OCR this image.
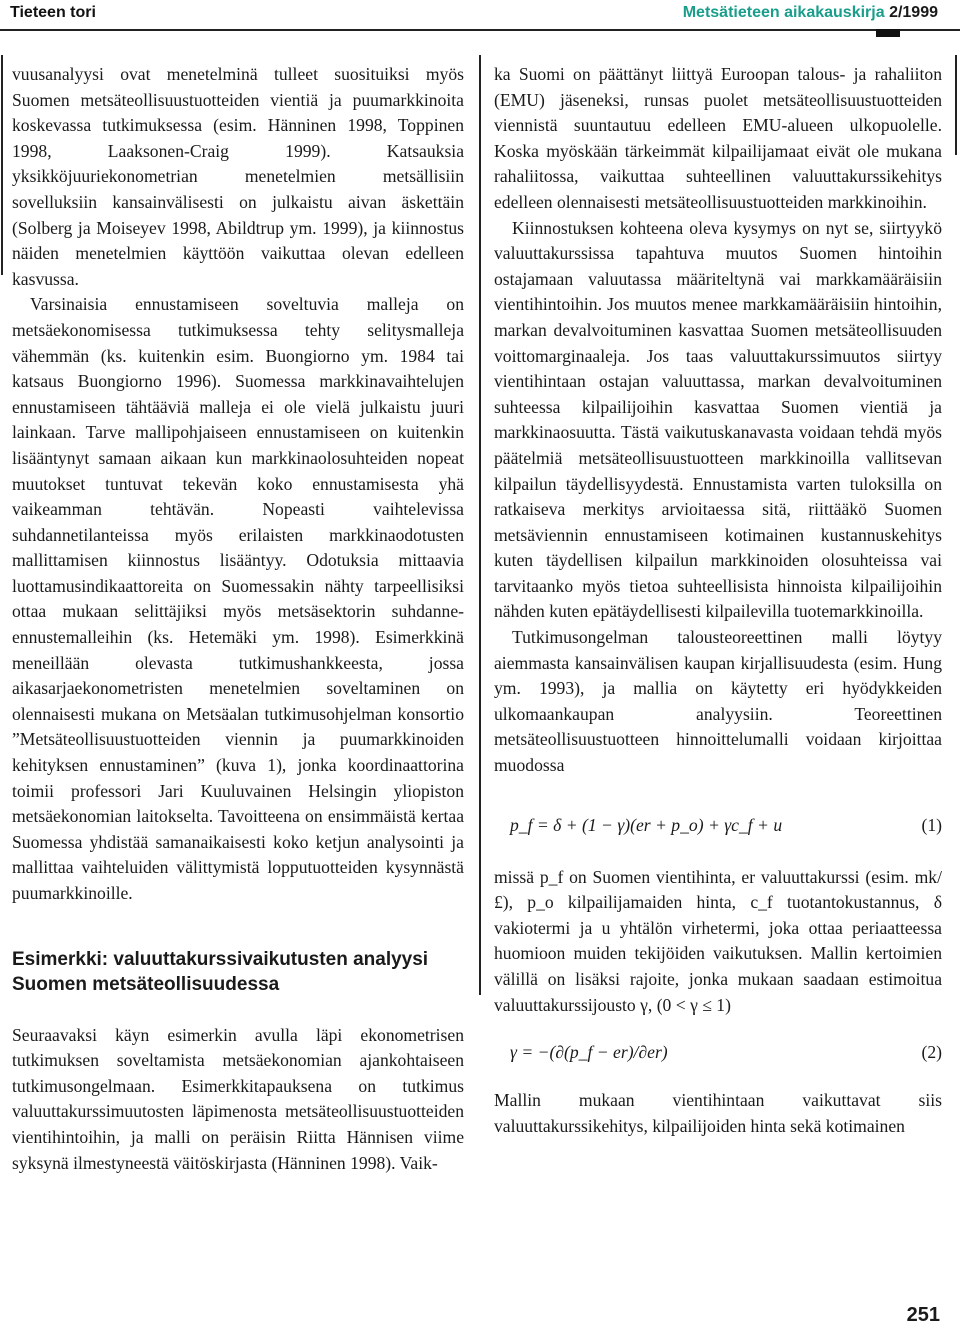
Tieteen tori	Metsätieteen aikakauskirja 2/1999

vuusanalyysi ovat menetelminä tulleet suosituiksi myös Suomen metsäteollisuustuotteiden vientiä ja puumarkkinoita koskevassa tutkimuksessa (esim. Hänninen 1998, Toppinen 1998, Laaksonen-Craig 1999). Katsauksia yksikköjuuriekonometrian menetelmien metsällisiin sovelluksiin kansainvälisesti on julkaistu aivan äskettäin (Solberg ja Moiseyev 1998, Abildtrup ym. 1999), ja kiinnostus näiden menetelmien käyttöön vaikuttaa olevan edelleen kasvussa.

Varsinaisia ennustamiseen soveltuvia malleja on metsäekonomisessa tutkimuksessa tehty selitysmalleja vähemmän (ks. kuitenkin esim. Buongiorno ym. 1984 tai katsaus Buongiorno 1996). Suomessa markkinavaihtelujen ennustamiseen tähtääviä malleja ei ole vielä julkaistu juuri lainkaan. Tarve mallipohjaiseen ennustamiseen on kuitenkin lisääntynyt samaan aikaan kun markkinaolosuhteiden nopeat muutokset tuntuvat tekevän koko ennustamisesta yhä vaikeamman tehtävän. Nopeasti vaihtelevissa suhdannetilanteissa myös erilaisten markkinaodotusten mallittamisen kiinnostus lisääntyy. Odotuksia mittaavia luottamusindikaattoreita on Suomessakin nähty tarpeellisiksi ottaa mukaan selittäjiksi myös metsäsektorin suhdanne-ennustemalleihin (ks. Hetemäki ym. 1998). Esimerkkinä meneillään olevasta tutkimushankkeesta, jossa aikasarjaekonometristen menetelmien soveltaminen on olennaisesti mukana on Metsäalan tutkimusohjelman konsortio ”Metsäteollisuustuotteiden viennin ja puumarkkinoiden kehityksen ennustaminen” (kuva 1), jonka koordinaattorina toimii professori Jari Kuuluvainen Helsingin yliopiston metsäekonomian laitokselta. Tavoitteena on ensimmäistä kertaa Suomessa yhdistää samanaikaisesti koko ketjun analysointi ja mallittaa vaihteluiden välittymistä lopputuotteiden kysynnästä puumarkkinoille.

Esimerkki: valuuttakurssivaikutusten analyysi Suomen metsäteollisuudessa

Seuraavaksi käyn esimerkin avulla läpi ekonometrisen tutkimuksen soveltamista metsäekonomian ajankohtaiseen tutkimusongelmaan. Esimerkkitapauksena on tutkimus valuuttakurssimuutosten läpimenosta metsäteollisuustuotteiden vientihintoihin, ja malli on peräisin Riitta Hännisen viime syksynä ilmestyneestä väitöskirjasta (Hänninen 1998). Vaik-

ka Suomi on päättänyt liittyä Euroopan talous- ja rahaliiton (EMU) jäseneksi, runsas puolet metsäteollisuustuotteiden viennistä suuntautuu edelleen EMU-alueen ulkopuolelle. Koska myöskään tärkeimmät kilpailijamaat eivät ole mukana rahaliitossa, vaikuttaa suhteellinen valuuttakurssikehitys edelleen olennaisesti metsäteollisuustuotteiden markkinoihin.

Kiinnostuksen kohteena oleva kysymys on nyt se, siirtyykö valuuttakurssissa tapahtuva muutos Suomen hintoihin ostajamaan valuutassa määriteltynä vai markkamääräisiin vientihintoihin. Jos muutos menee markkamääräisiin hintoihin, markan devalvoituminen kasvattaa Suomen metsäteollisuuden voittomarginaaleja. Jos taas valuuttakurssimuutos siirtyy vientihintaan ostajan valuuttassa, markan devalvoituminen suhteessa kilpailijoihin kasvattaa Suomen vientiä ja markkinaosuutta. Tästä vaikutuskanavasta voidaan tehdä myös päätelmiä metsäteollisuustuotteen markkinoilla vallitsevan kilpailun täydellisyydestä. Ennustamista varten tuloksilla on ratkaiseva merkitys arvioitaessa sitä, riittääkö Suomen metsäviennin ennustamiseen kotimainen kustannuskehitys kuten täydellisen kilpailun markkinoiden olosuhteissa vai tarvitaanko myös tietoa suhteellisista hinnoista kilpailijoihin nähden kuten epätäydellisesti kilpailevilla tuotemarkkinoilla.

Tutkimusongelman talousteoreettinen malli löytyy aiemmasta kansainvälisen kaupan kirjallisuudesta (esim. Hung ym. 1993), ja mallia on käytetty eri hyödykkeiden ulkomaankaupan analyysiin. Teoreettinen metsäteollisuustuotteen hinnoittelumalli voidaan kirjoittaa muodossa

p_f = δ + (1 − γ)(er + p_o) + γc_f + u	(1)

missä p_f on Suomen vientihinta, er valuuttakurssi (esim. mk/£), p_o kilpailijamaiden hinta, c_f tuotantokustannus, δ vakiotermi ja u yhtälön virhetermi, joka ottaa periaatteessa huomioon muiden tekijöiden vaikutuksen. Mallin kertoimien välillä on lisäksi rajoite, jonka mukaan saadaan estimoitua valuuttakurssijousto γ, (0 < γ ≤ 1)

γ = −(∂(p_f − er)/∂er)	(2)

Mallin mukaan vientihintaan vaikuttavat siis valuuttakurssikehitys, kilpailijoiden hinta sekä kotimainen

251
